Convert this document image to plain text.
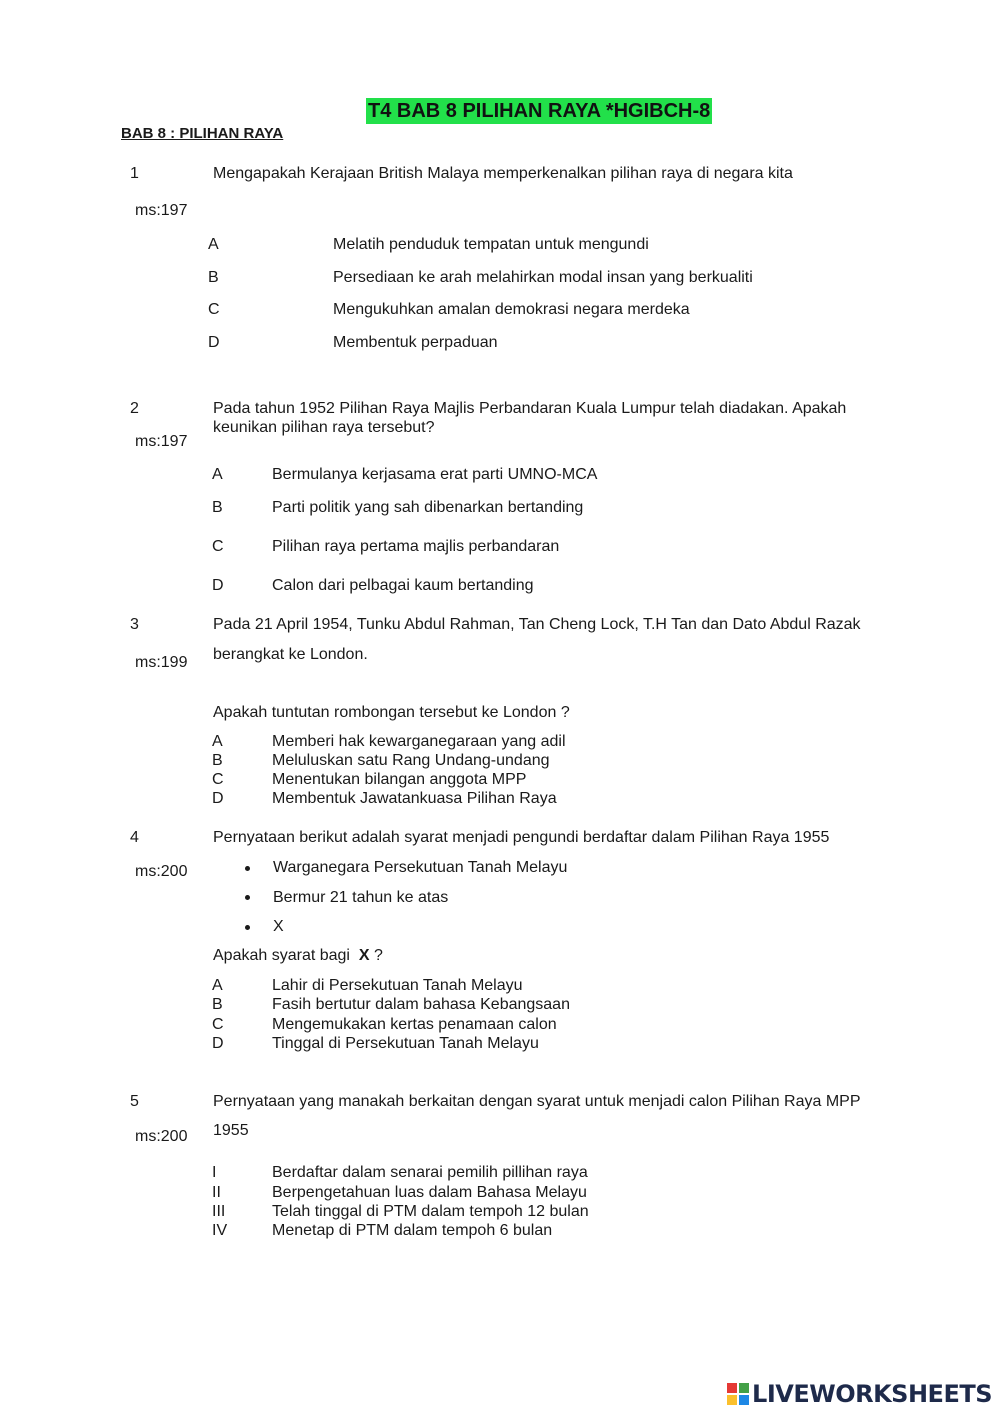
T4 BAB 8 PILIHAN RAYA *HGIBCH-8
BAB 8 : PILIHAN RAYA
1	Mengapakah Kerajaan British Malaya memperkenalkan pilihan raya di negara kita
ms:197
A	Melatih penduduk tempatan untuk mengundi
B	Persediaan ke arah melahirkan modal insan yang berkualiti
C	Mengukuhkan amalan demokrasi negara merdeka
D	Membentuk perpaduan
2	Pada tahun 1952 Pilihan Raya Majlis Perbandaran Kuala Lumpur telah diadakan. Apakah
keunikan pilihan raya tersebut?
ms:197
A	Bermulanya kerjasama erat parti UMNO-MCA
B	Parti politik yang sah dibenarkan bertanding
C	Pilihan raya pertama majlis perbandaran
D	Calon dari pelbagai kaum bertanding
3	Pada 21 April 1954, Tunku Abdul Rahman, Tan Cheng Lock, T.H Tan dan Dato Abdul Razak
berangkat ke London.
ms:199
Apakah tuntutan rombongan tersebut ke London ?
A	Memberi hak kewarganegaraan yang adil
B	Meluluskan satu Rang Undang-undang
C	Menentukan bilangan anggota MPP
D	Membentuk Jawatankuasa Pilihan Raya
4	Pernyataan berikut adalah syarat menjadi pengundi berdaftar dalam Pilihan Raya 1955
ms:200	Warganegara Persekutuan Tanah Melayu
Bermur 21 tahun ke atas
X
Apakah syarat bagi X ?
A	Lahir di Persekutuan Tanah Melayu
B	Fasih bertutur dalam bahasa Kebangsaan
C	Mengemukakan kertas penamaan calon
D	Tinggal di Persekutuan Tanah Melayu
5	Pernyataan yang manakah berkaitan dengan syarat untuk menjadi calon Pilihan Raya MPP
1955
ms:200
I	Berdaftar dalam senarai pemilih pillihan raya
II	Berpengetahuan luas dalam Bahasa Melayu
III	Telah tinggal di PTM dalam tempoh 12 bulan
IV	Menetap di PTM dalam tempoh 6 bulan
LIVEWORKSHEETS
